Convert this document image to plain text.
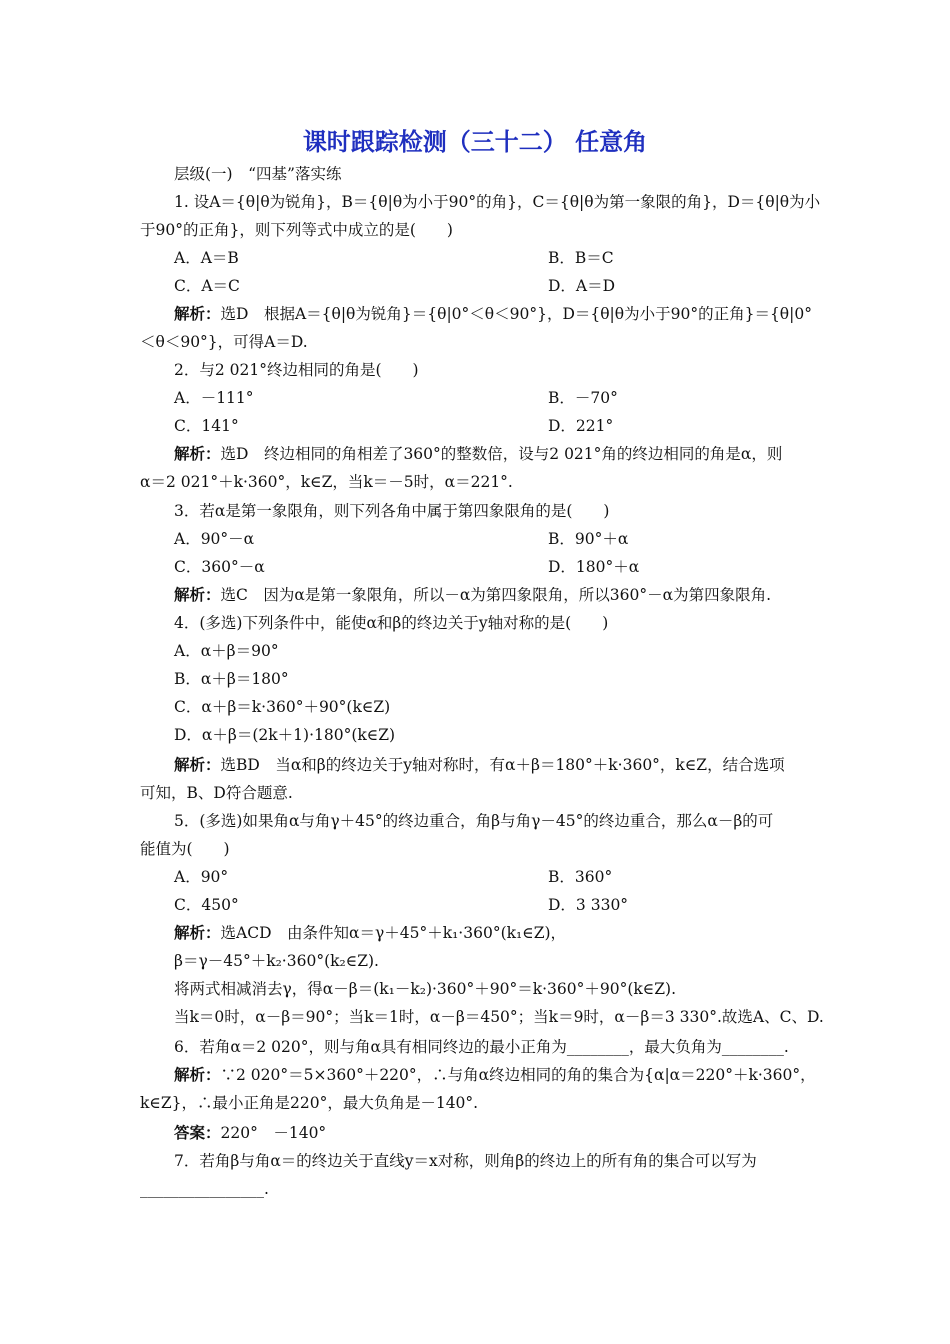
课时跟踪检测（三十二） 任意角
层级(一)　“四基”落实练
1. 设A＝{θ|θ为锐角}，B＝{θ|θ为小于90°的角}，C＝{θ|θ为第一象限的角}，D＝{θ|θ为小
于90°的正角}，则下列等式中成立的是(　　)
A．A＝B	B．B＝C
C．A＝C	D．A＝D
解析：选D　根据A＝{θ|θ为锐角}＝{θ|0°＜θ＜90°}，D＝{θ|θ为小于90°的正角}＝{θ|0°
＜θ＜90°}，可得A＝D.
2．与2 021°终边相同的角是(　　)
A．－111°	B．－70°
C．141°	D．221°
解析：选D　终边相同的角相差了360°的整数倍，设与2 021°角的终边相同的角是α，则
α＝2 021°＋k·360°，k∈Z，当k＝－5时，α＝221°.
3．若α是第一象限角，则下列各角中属于第四象限角的是(　　)
A．90°－α	B．90°＋α
C．360°－α	D．180°＋α
解析：选C　因为α是第一象限角，所以－α为第四象限角，所以360°－α为第四象限角.
4．(多选)下列条件中，能使α和β的终边关于y轴对称的是(　　)
A．α＋β＝90°
B．α＋β＝180°
C．α＋β＝k·360°＋90°(k∈Z)
D．α＋β＝(2k＋1)·180°(k∈Z)
解析：选BD　当α和β的终边关于y轴对称时，有α＋β＝180°＋k·360°，k∈Z，结合选项
可知，B、D符合题意.
5．(多选)如果角α与角γ＋45°的终边重合，角β与角γ－45°的终边重合，那么α－β的可
能值为(　　)
A．90°	B．360°
C．450°	D．3 330°
解析：选ACD　由条件知α＝γ＋45°＋k₁·360°(k₁∈Z)，
β＝γ－45°＋k₂·360°(k₂∈Z).
将两式相减消去γ，得α－β＝(k₁－k₂)·360°＋90°＝k·360°＋90°(k∈Z).
当k＝0时，α－β＝90°；当k＝1时，α－β＝450°；当k＝9时，α－β＝3 330°.故选A、C、D.
6．若角α＝2 020°，则与角α具有相同终边的最小正角为________，最大负角为________.
解析：∵2 020°＝5×360°＋220°，∴与角α终边相同的角的集合为{α|α＝220°＋k·360°，
k∈Z}，∴最小正角是220°，最大负角是－140°.
答案：220°　－140°
7．若角β与角α＝的终边关于直线y＝x对称，则角β的终边上的所有角的集合可以写为
________________.
